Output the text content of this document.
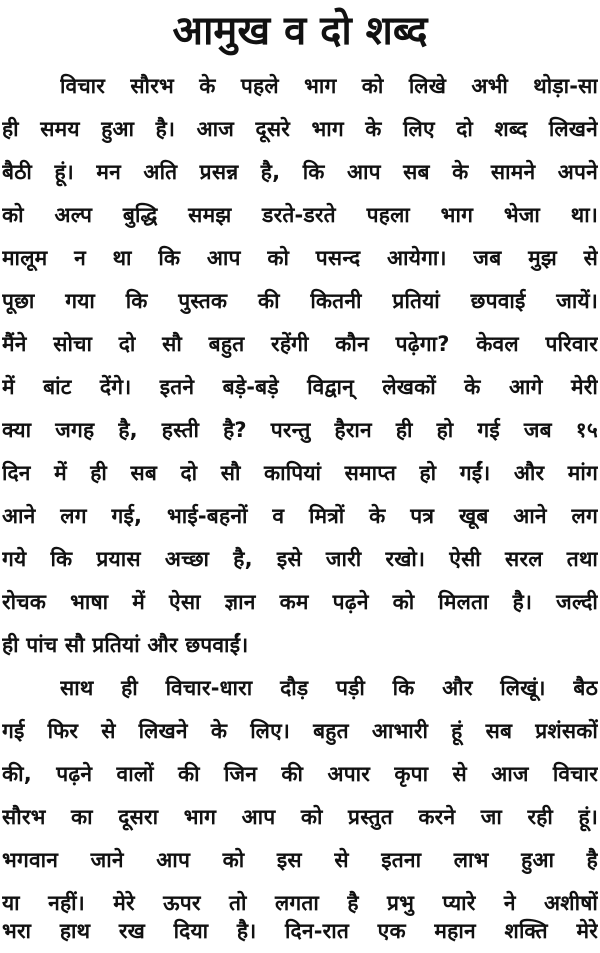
आमुख व दो शब्द
विचार सौरभ के पहले भाग को लिखे अभी थोड़ा-सा
ही समय हुआ है। आज दूसरे भाग के लिए दो शब्द लिखने
बैठी हूं। मन अति प्रसन्न है, कि आप सब के सामने अपने
को अल्प बुद्धि समझ डरते-डरते पहला भाग भेजा था।
मालूम न था कि आप को पसन्द आयेगा। जब मुझ से
पूछा गया कि पुस्तक की कितनी प्रतियां छपवाई जायें।
मैंने सोचा दो सौ बहुत रहेंगी कौन पढ़ेगा? केवल परिवार
में बांट देंगे। इतने बड़े-बड़े विद्वान् लेखकों के आगे मेरी
क्या जगह है, हस्ती है? परन्तु हैरान ही हो गई जब १५
दिन में ही सब दो सौ कापियां समाप्त हो गईं। और मांग
आने लग गई, भाई-बहनों व मित्रों के पत्र खूब आने लग
गये कि प्रयास अच्छा है, इसे जारी रखो। ऐसी सरल तथा
रोचक भाषा में ऐसा ज्ञान कम पढ़ने को मिलता है। जल्दी
ही पांच सौ प्रतियां और छपवाईं।
साथ ही विचार-धारा दौड़ पड़ी कि और लिखूं। बैठ
गई फिर से लिखने के लिए। बहुत आभारी हूं सब प्रशंसकों
की, पढ़ने वालों की जिन की अपार कृपा से आज विचार
सौरभ का दूसरा भाग आप को प्रस्तुत करने जा रही हूं।
भगवान जाने आप को इस से इतना लाभ हुआ है
या नहीं। मेरे ऊपर तो लगता है प्रभु प्यारे ने अशीषों
भरा हाथ रख दिया है। दिन-रात एक महान शक्ति मेरे
